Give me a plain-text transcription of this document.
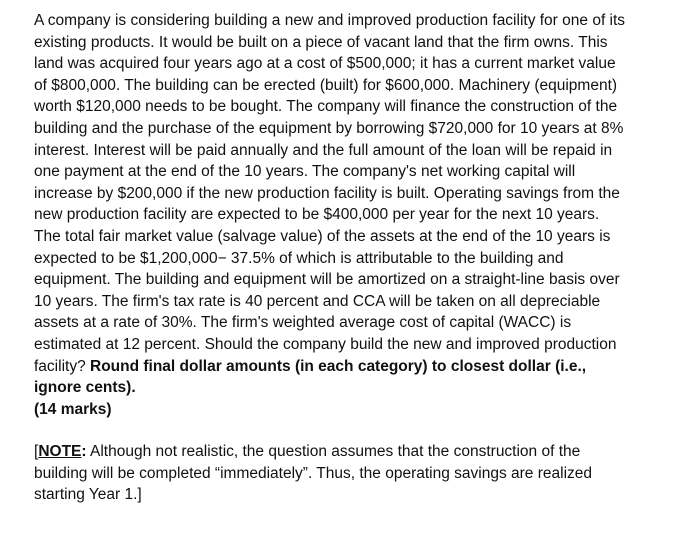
A company is considering building a new and improved production facility for one of its
existing products. It would be built on a piece of vacant land that the firm owns. This
land was acquired four years ago at a cost of $500,000; it has a current market value
of $800,000. The building can be erected (built) for $600,000. Machinery (equipment)
worth $120,000 needs to be bought. The company will finance the construction of the
building and the purchase of the equipment by borrowing $720,000 for 10 years at 8%
interest. Interest will be paid annually and the full amount of the loan will be repaid in
one payment at the end of the 10 years. The company's net working capital will
increase by $200,000 if the new production facility is built. Operating savings from the
new production facility are expected to be $400,000 per year for the next 10 years.
The total fair market value (salvage value) of the assets at the end of the 10 years is
expected to be $1,200,000− 37.5% of which is attributable to the building and
equipment. The building and equipment will be amortized on a straight-line basis over
10 years. The firm's tax rate is 40 percent and CCA will be taken on all depreciable
assets at a rate of 30%. The firm's weighted average cost of capital (WACC) is
estimated at 12 percent. Should the company build the new and improved production
facility? Round final dollar amounts (in each category) to closest dollar (i.e.,
ignore cents).
(14 marks)

[NOTE: Although not realistic, the question assumes that the construction of the
building will be completed “immediately”. Thus, the operating savings are realized
starting Year 1.]
